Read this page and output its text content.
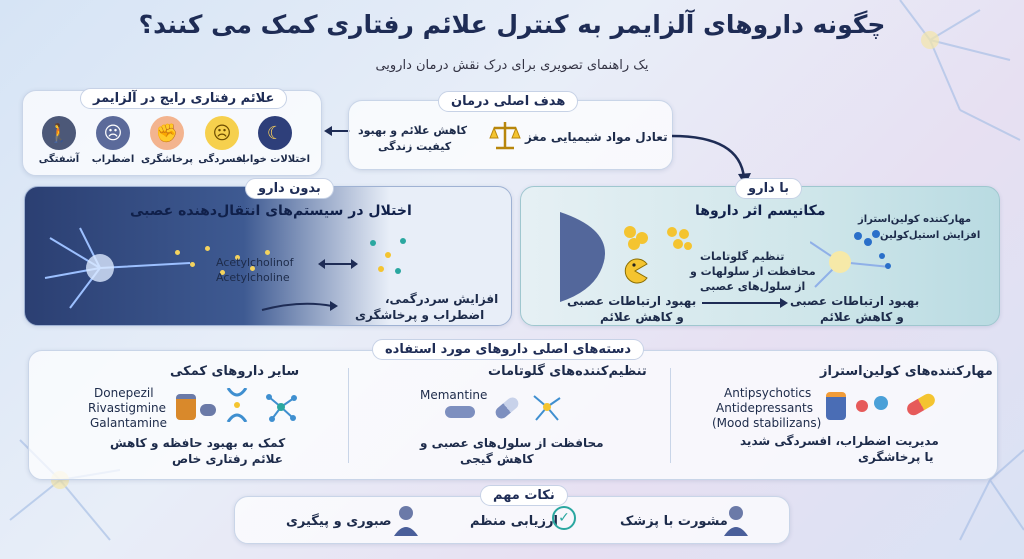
چگونه داروهای آلزایمر به کنترل علائم رفتاری کمک می کنند؟
یک راهنمای تصویری برای درک نقش درمان دارویی
علائم رفتاری رایج در آلزایمر
☾
اختلالات خواب
☹
افسردگی
✊
پرخاشگری
☹
اضطراب
🚶
آشفتگی
هدف اصلی درمان
تعادل مواد شیمیایی مغز
کاهش علائم و بهبود
کیفیت زندگی
بدون دارو
اختلال در سیستم‌های انتقال‌دهنده عصبی
Acetylcholinof
Acetylcholine
افزایش سردرگمی،
اضطراب و پرخاشگری
با دارو
مکانیسم اثر داروها
تنظیم گلوتامات
محافظت از سلولهات و
از سلول‌های عصبی
بهبود ارتباطات عصبی
و کاهش علائم
مهارکننده کولین‌استراز
افزایش استیل‌کولین
بهبود ارتباطات عصبی
و کاهش علائم
دسته‌های اصلی داروهای مورد استفاده
مهارکننده‌های کولین‌استراز
Antipsychotics
Antidepressants
(Mood stabilizans)
مدیریت اضطراب، افسردگی شدید
یا پرخاشگری
تنظیم‌کننده‌های گلوتامات
Memantine
محافظت از سلول‌های عصبی و
کاهش گیجی
سایر داروهای کمکی
Donepezil
Rivastigmine
Galantamine
کمک به بهبود حافظه و کاهش
علائم رفتاری خاص
نکات مهم
مشورت با پزشک
ارزیابی منظم ✓
صبوری و پیگیری
